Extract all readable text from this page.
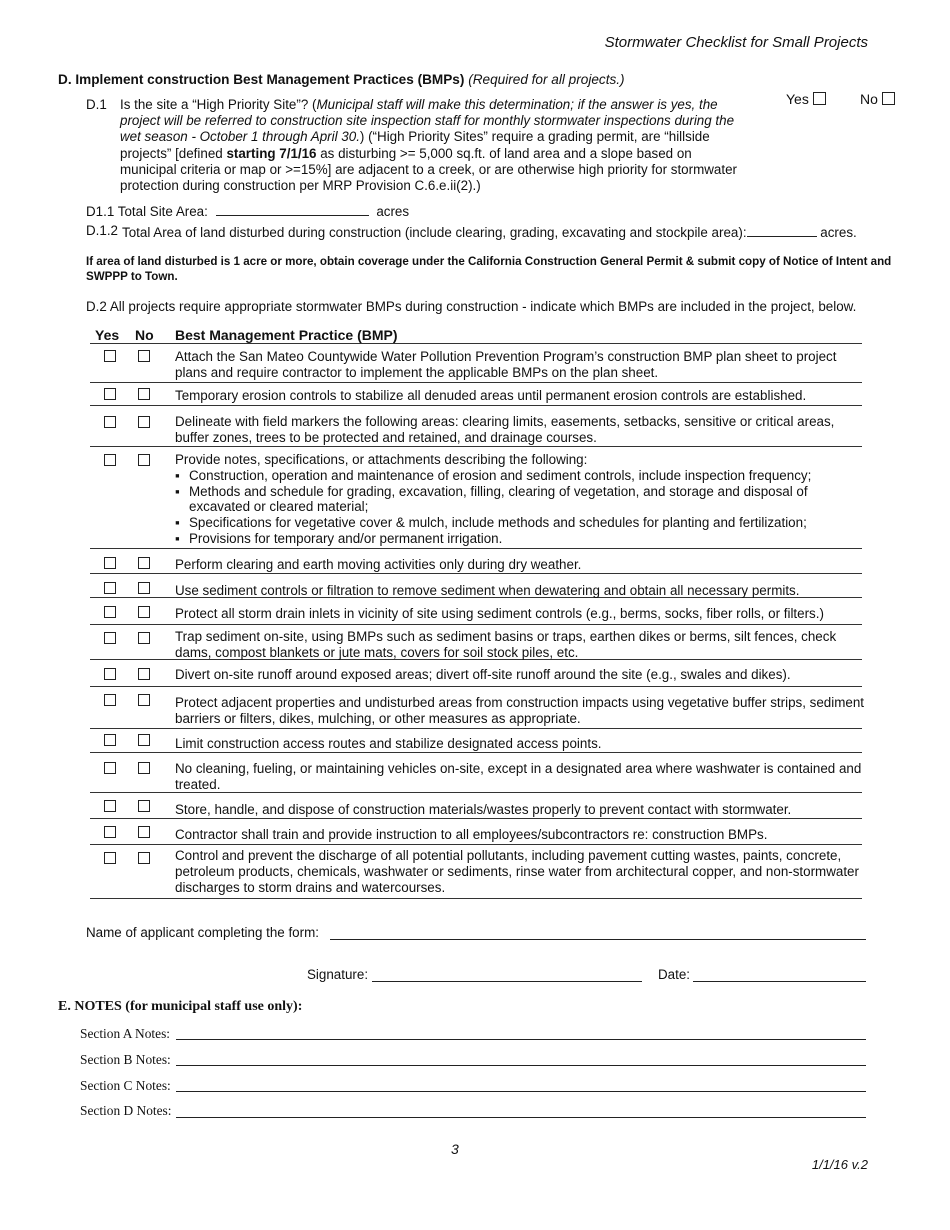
Stormwater Checklist for Small Projects
D. Implement construction Best Management Practices (BMPs) (Required for all projects.)
D.1 Is the site a “High Priority Site”? (Municipal staff will make this determination; if the answer is yes, the project will be referred to construction site inspection staff for monthly stormwater inspections during the wet season - October 1 through April 30.) (“High Priority Sites” require a grading permit, are “hillside projects” [defined starting 7/1/16 as disturbing >= 5,000 sq.ft. of land area and a slope based on municipal criteria or map or >=15%] are adjacent to a creek, or are otherwise high priority for stormwater protection during construction per MRP Provision C.6.e.ii(2).)
Yes	No
D1.1 Total Site Area:	acres
D.1.2 Total Area of land disturbed during construction (include clearing, grading, excavating and stockpile area):	acres.
If area of land disturbed is 1 acre or more, obtain coverage under the California Construction General Permit & submit copy of Notice of Intent and SWPPP to Town.
D.2 All projects require appropriate stormwater BMPs during construction - indicate which BMPs are included in the project, below.
Yes No Best Management Practice (BMP)
Attach the San Mateo Countywide Water Pollution Prevention Program’s construction BMP plan sheet to project plans and require contractor to implement the applicable BMPs on the plan sheet.
Temporary erosion controls to stabilize all denuded areas until permanent erosion controls are established.
Delineate with field markers the following areas: clearing limits, easements, setbacks, sensitive or critical areas, buffer zones, trees to be protected and retained, and drainage courses.
Provide notes, specifications, or attachments describing the following:
▪ Construction, operation and maintenance of erosion and sediment controls, include inspection frequency;
▪ Methods and schedule for grading, excavation, filling, clearing of vegetation, and storage and disposal of excavated or cleared material;
▪ Specifications for vegetative cover & mulch, include methods and schedules for planting and fertilization;
▪ Provisions for temporary and/or permanent irrigation.
Perform clearing and earth moving activities only during dry weather.
Use sediment controls or filtration to remove sediment when dewatering and obtain all necessary permits.
Protect all storm drain inlets in vicinity of site using sediment controls (e.g., berms, socks, fiber rolls, or filters.)
Trap sediment on-site, using BMPs such as sediment basins or traps, earthen dikes or berms, silt fences, check dams, compost blankets or jute mats, covers for soil stock piles, etc.
Divert on-site runoff around exposed areas; divert off-site runoff around the site (e.g., swales and dikes).
Protect adjacent properties and undisturbed areas from construction impacts using vegetative buffer strips, sediment barriers or filters, dikes, mulching, or other measures as appropriate.
Limit construction access routes and stabilize designated access points.
No cleaning, fueling, or maintaining vehicles on-site, except in a designated area where washwater is contained and treated.
Store, handle, and dispose of construction materials/wastes properly to prevent contact with stormwater.
Contractor shall train and provide instruction to all employees/subcontractors re: construction BMPs.
Control and prevent the discharge of all potential pollutants, including pavement cutting wastes, paints, concrete, petroleum products, chemicals, washwater or sediments, rinse water from architectural copper, and non-stormwater discharges to storm drains and watercourses.
Name of applicant completing the form:
Signature:	Date:
E. NOTES (for municipal staff use only):
Section A Notes:
Section B Notes:
Section C Notes:
Section D Notes:
3
1/1/16 v.2
